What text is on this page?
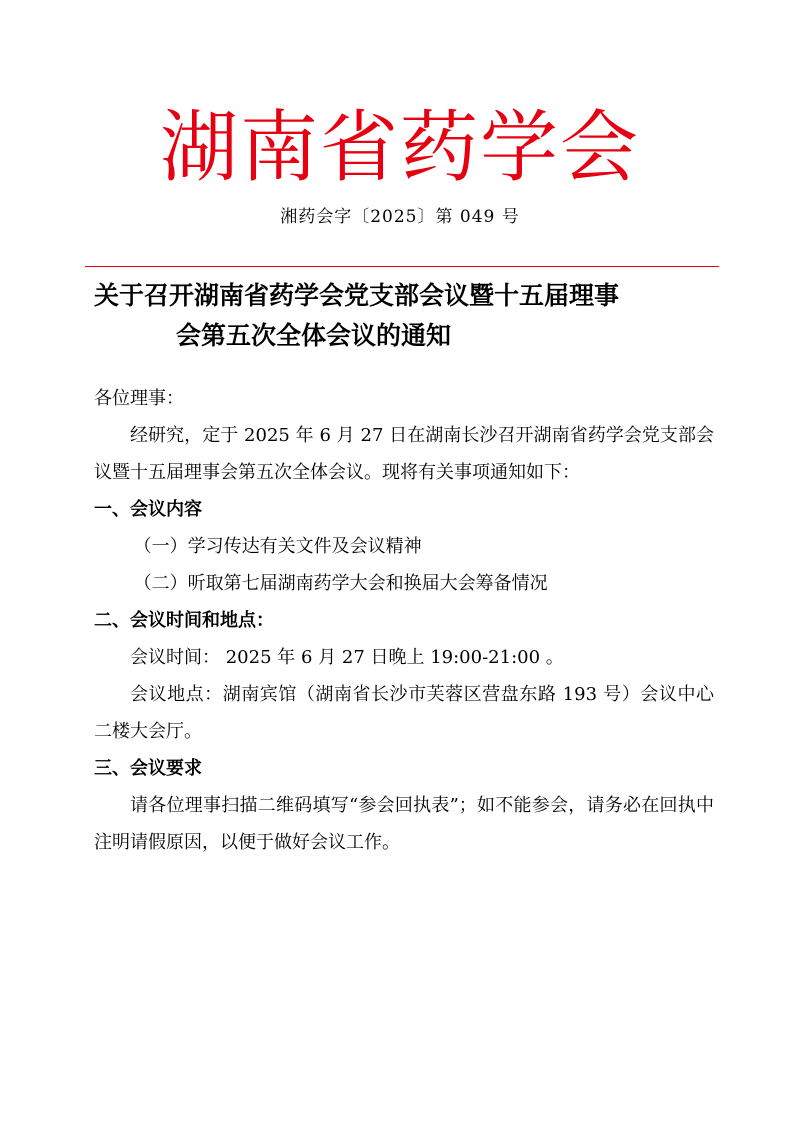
湖南省药学会
湘药会字〔2025〕第 049 号
关于召开湖南省药学会党支部会议暨十五届理事
会第五次全体会议的通知

各位理事：

经研究，定于 2025 年 6 月 27 日在湖南长沙召开湖南省药学会党支部会议暨十五届理事会第五次全体会议。现将有关事项通知如下：

一、会议内容

（一）学习传达有关文件及会议精神

（二）听取第七届湖南药学大会和换届大会筹备情况

二、会议时间和地点：

会议时间： 2025 年 6 月 27 日晚上 19:00-21:00 。

会议地点：湖南宾馆（湖南省长沙市芙蓉区营盘东路 193 号）会议中心二楼大会厅。

三、会议要求

请各位理事扫描二维码填写“参会回执表”；如不能参会，请务必在回执中注明请假原因，以便于做好会议工作。
